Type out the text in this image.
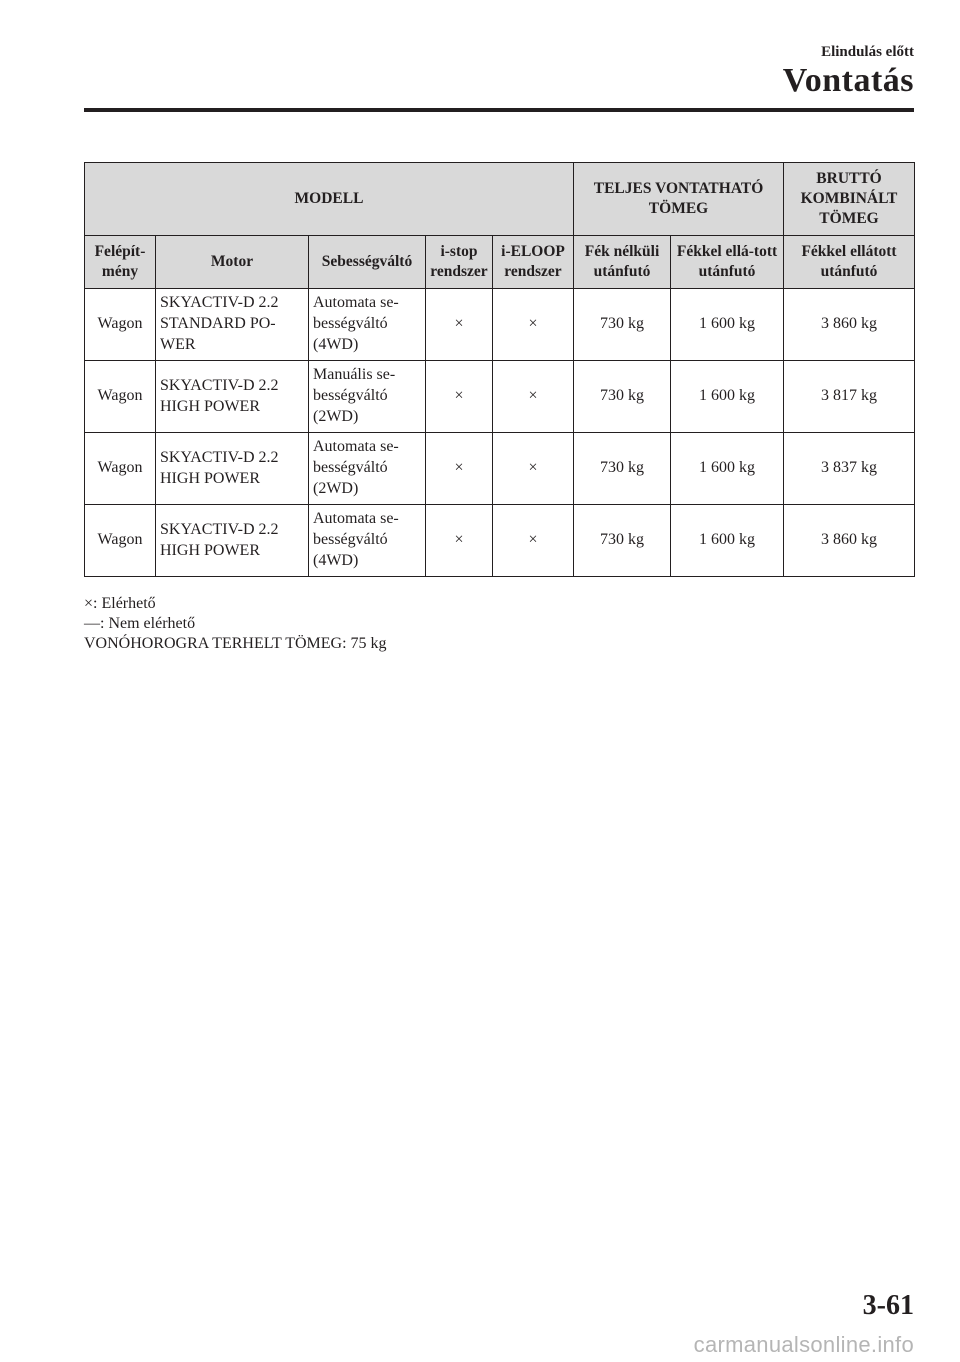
Elindulás előtt
Vontatás
MODELL					TELJES VONTATHATÓ TÖMEG		BRUTTÓ KOMBINÁLT TÖMEG
Felépít-mény	Motor	Sebességváltó	i-stop rendszer	i-ELOOP rendszer	Fék nélküli utánfutó	Fékkel ellá-tott utánfutó	Fékkel ellátott utánfutó
Wagon	SKYACTIV-D 2.2 STANDARD PO-WER	Automata se-bességváltó (4WD)	×	×	730 kg	1 600 kg	3 860 kg
Wagon	SKYACTIV-D 2.2 HIGH POWER	Manuális se-bességváltó (2WD)	×	×	730 kg	1 600 kg	3 817 kg
Wagon	SKYACTIV-D 2.2 HIGH POWER	Automata se-bességváltó (2WD)	×	×	730 kg	1 600 kg	3 837 kg
Wagon	SKYACTIV-D 2.2 HIGH POWER	Automata se-bességváltó (4WD)	×	×	730 kg	1 600 kg	3 860 kg
×: Elérhető
—: Nem elérhető
VONÓHOROGRA TERHELT TÖMEG: 75 kg
3-61
carmanualsonline.info
